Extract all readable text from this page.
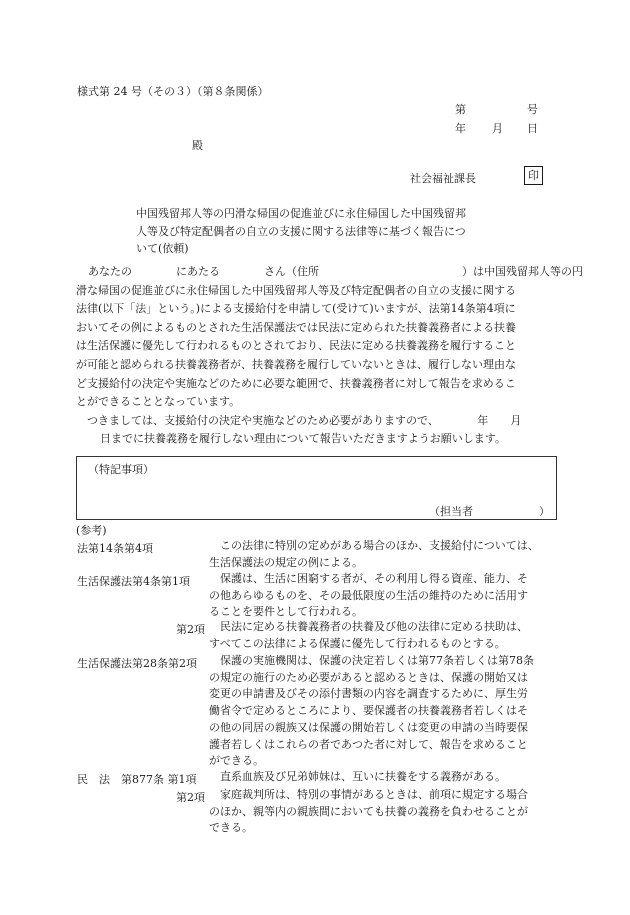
様式第 24 号（その３）（第８条関係）
第	号
年 月 日
殿
社会福祉課長	印
中国残留邦人等の円滑な帰国の促進並びに永住帰国した中国残留邦
人等及び特定配偶者の自立の支援に関する法律等に基づく報告につ
いて(依頼)
あなたの　　　　にあたる　　　　さん（住所　　　　　　　　　　　　　）は中国残留邦人等の円
滑な帰国の促進並びに永住帰国した中国残留邦人等及び特定配偶者の自立の支援に関する
法律(以下「法」という。)による支援給付を申請して(受けて)いますが、法第14条第4項に
おいてその例によるものとされた生活保護法では民法に定められた扶養義務者による扶養
は生活保護に優先して行われるものとされており、民法に定める扶養義務を履行すること
が可能と認められる扶養義務者が、扶養義務を履行していないときは、履行しない理由な
ど支援給付の決定や実施などのために必要な範囲で、扶養義務者に対して報告を求めるこ
とができることとなっています。
つきましては、支援給付の決定や実施などのため必要がありますので、　　　　年　　月
日までに扶養義務を履行しない理由について報告いただきますようお願いします。
（特記事項）
（担当者　　　　　　）
(参考)
法第14条第4項	この法律に特別の定めがある場合のほか、支援給付については、
生活保護法の規定の例による。
生活保護法第4条第1項	保護は、生活に困窮する者が、その利用し得る資産、能力、そ
の他あらゆるものを、その最低限度の生活の維持のために活用す
ることを要件として行われる。
第2項	民法に定める扶養義務者の扶養及び他の法律に定める扶助は、
すべてこの法律による保護に優先して行われるものとする。
生活保護法第28条第2項	保護の実施機関は、保護の決定若しくは第77条若しくは第78条
の規定の施行のため必要があると認めるときは、保護の開始又は
変更の申請書及びその添付書類の内容を調査するために、厚生労
働省令で定めるところにより、要保護者の扶養義務者若しくはそ
の他の同居の親族又は保護の開始若しくは変更の申請の当時要保
護者若しくはこれらの者であつた者に対して、報告を求めること
ができる。
民　法　第877条 第1項	直系血族及び兄弟姉妹は、互いに扶養をする義務がある。
第2項	家庭裁判所は、特別の事情があるときは、前項に規定する場合
のほか、親等内の親族間においても扶養の義務を負わせることが
できる。
